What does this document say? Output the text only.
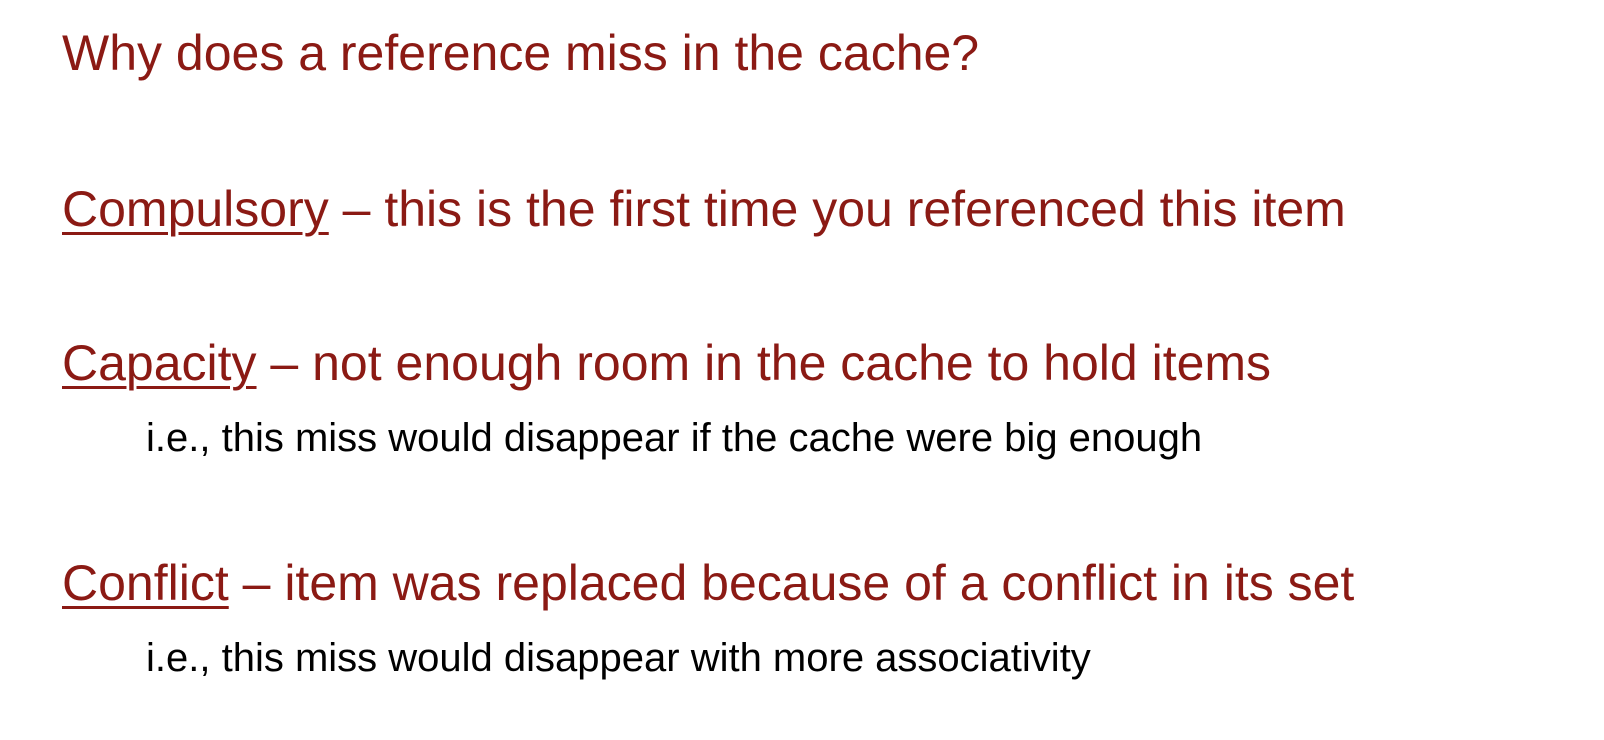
Why does a reference miss in the cache?
Compulsory – this is the first time you referenced this item
Capacity – not enough room in the cache to hold items
i.e., this miss would disappear if the cache were big enough
Conflict – item was replaced because of a conflict in its set
i.e., this miss would disappear with more associativity
